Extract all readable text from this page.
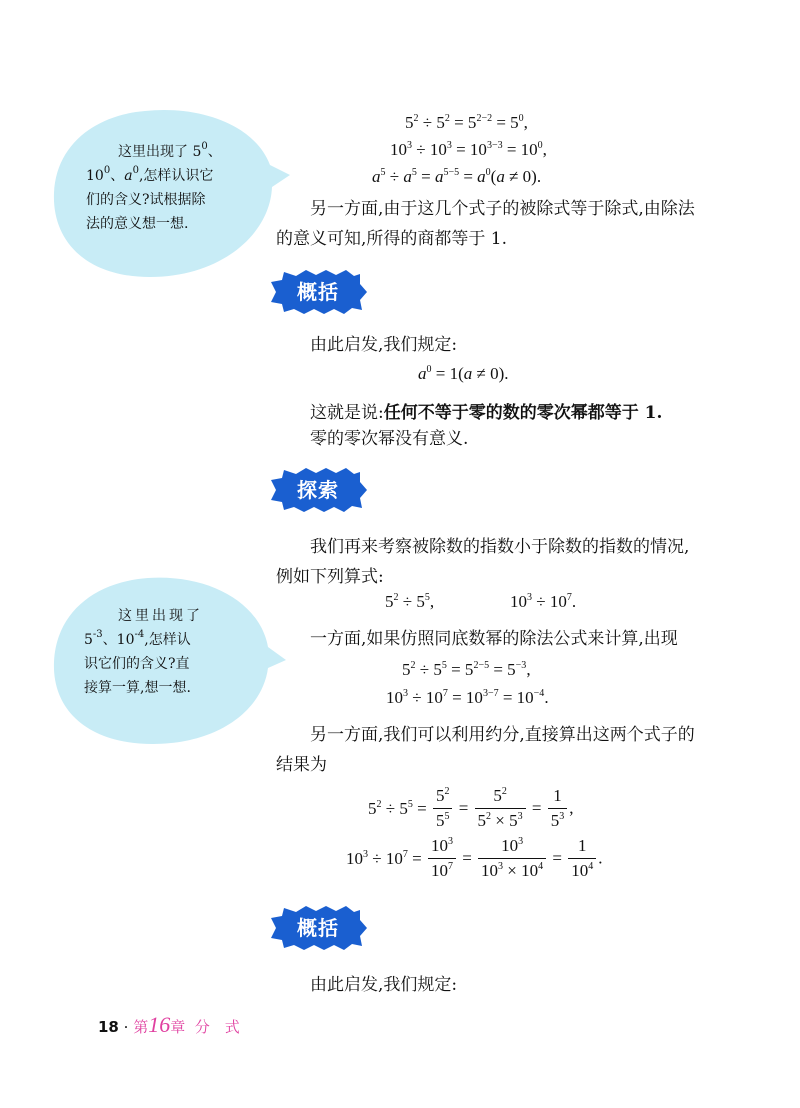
这里出现了 $5^0$、
$10^0$、$a^0$,怎样认识它
们的含义?试根据除
法的意义想一想.
这里出现了
$5^{-3}$、$10^{-4}$,怎样认
识它们的含义?直
接算一算,想一想.
$5^2 \div 5^2 = 5^{2-2} = 5^0$,
$10^3 \div 10^3 = 10^{3-3} = 10^0$,
$a^5 \div a^5 = a^{5-5} = a^0(a \ne 0)$.
另一方面,由于这几个式子的被除式等于除式,由除法的意义可知,所得的商都等于 1.
概括
由此启发,我们规定:
$a^0 = 1(a \ne 0)$.
这就是说:任何不等于零的数的零次幂都等于 1.
零的零次幂没有意义.
探索
我们再来考察被除数的指数小于除数的指数的情况,例如下列算式:
$5^2 \div 5^5$,	$10^3 \div 10^7$.
一方面,如果仿照同底数幂的除法公式来计算,出现
$5^2 \div 5^5 = 5^{2-5} = 5^{-3}$,
$10^3 \div 10^7 = 10^{3-7} = 10^{-4}$.
另一方面,我们可以利用约分,直接算出这两个式子的结果为
$5^2 \div 5^5 = \frac{5^2}{5^5} = \frac{5^2}{5^2 \times 5^3} = \frac{1}{5^3}$ ,
$10^3 \div 10^7 = \frac{10^3}{10^7} = \frac{10^3}{10^3 \times 10^4} = \frac{1}{10^4}$ .
概括
由此启发,我们规定:
18 · 第16章 分　式
